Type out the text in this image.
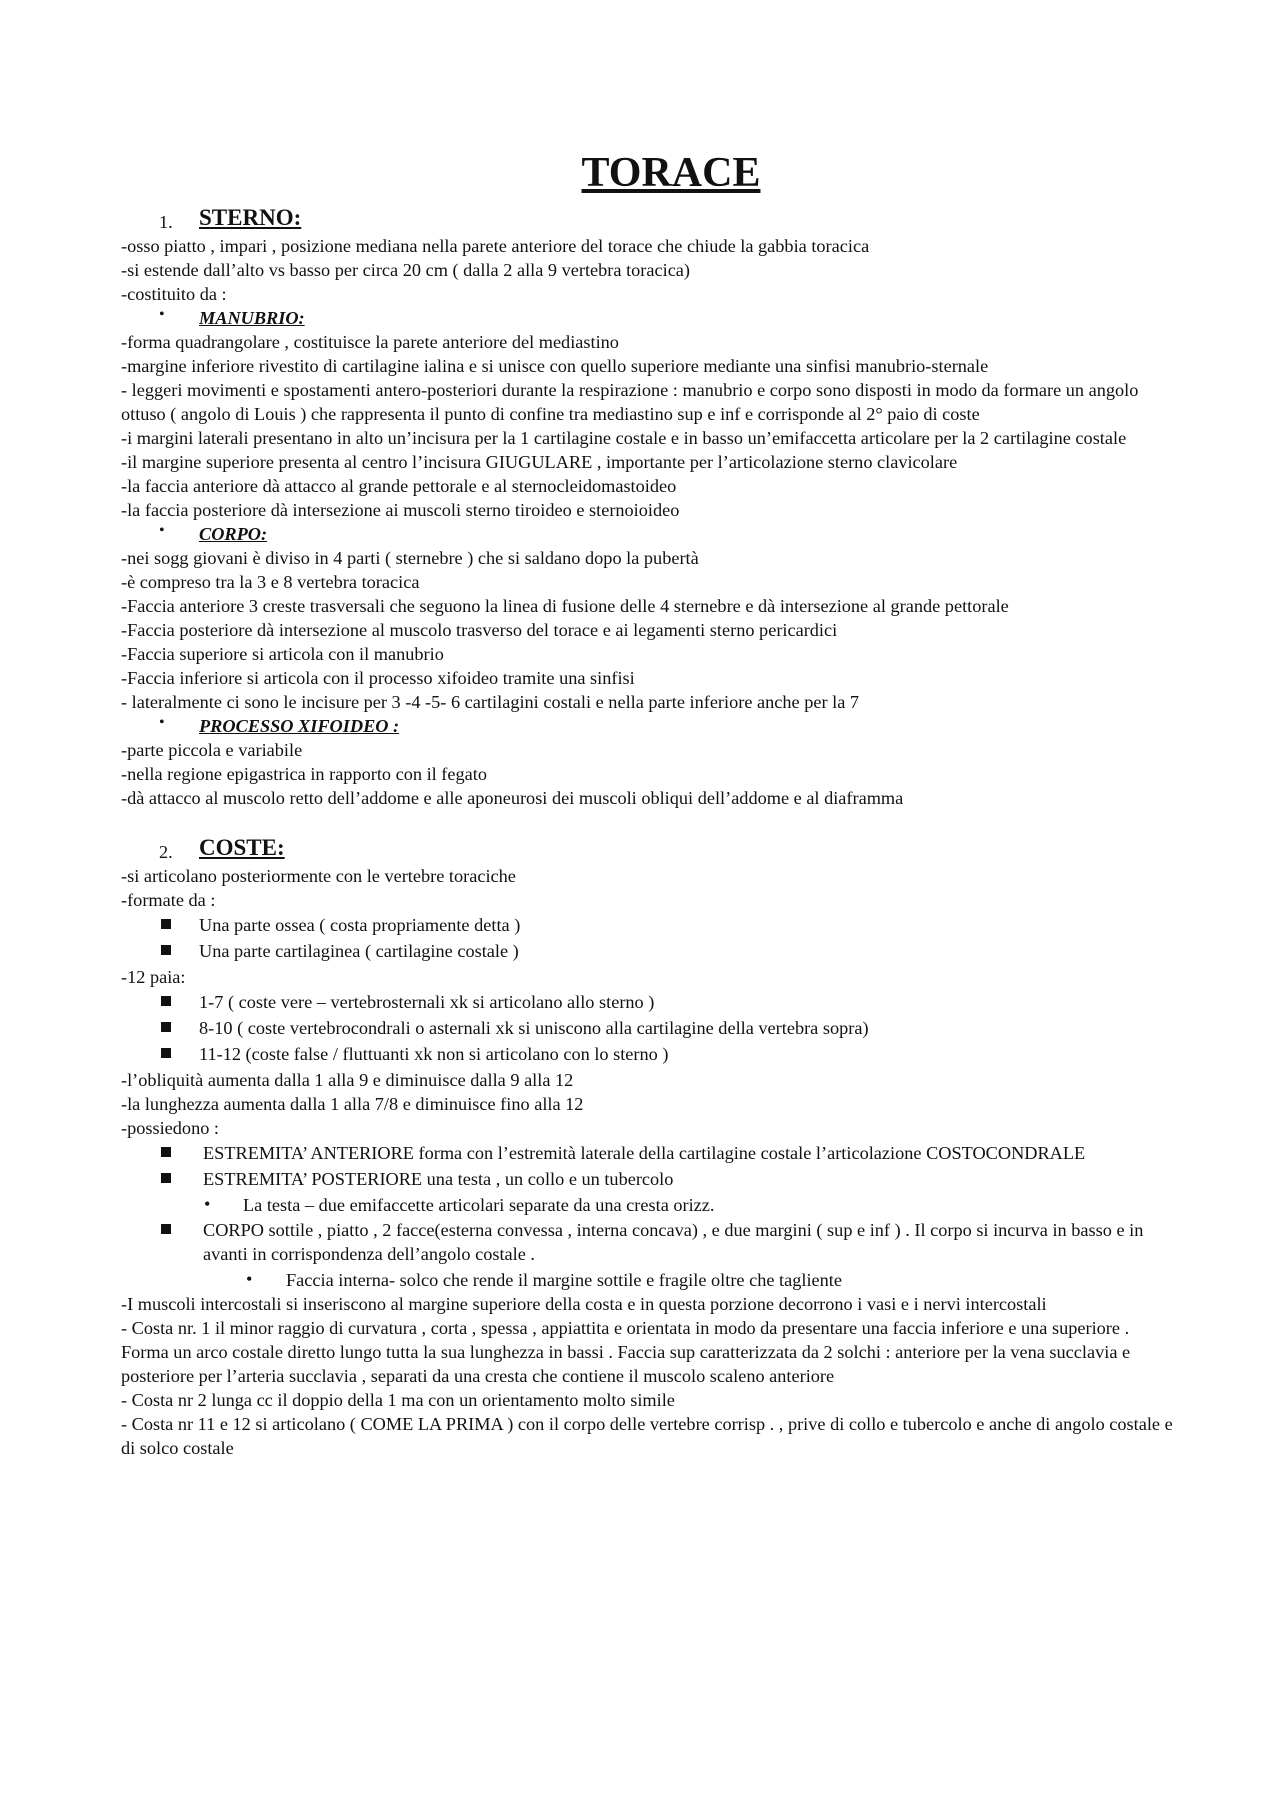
TORACE
1. STERNO:
-osso piatto , impari , posizione mediana nella parete anteriore del torace che chiude la gabbia toracica
-si estende dall’alto vs basso per circa 20 cm ( dalla 2 alla 9 vertebra toracica)
-costituito da :
• MANUBRIO:
-forma quadrangolare , costituisce la parete anteriore del mediastino
-margine inferiore rivestito di cartilagine ialina e si unisce con quello superiore mediante una sinfisi manubrio-sternale
- leggeri movimenti e spostamenti antero-posteriori durante la respirazione : manubrio e corpo sono disposti in modo da formare un angolo ottuso ( angolo di Louis ) che rappresenta il punto di confine tra mediastino sup e inf e corrisponde al 2° paio di coste
-i margini laterali presentano in alto un’incisura per la 1 cartilagine costale e in basso un’emifaccetta articolare per la 2 cartilagine costale
-il margine superiore presenta al centro l’incisura GIUGULARE , importante per l’articolazione sterno clavicolare
-la faccia anteriore dà attacco al grande pettorale e al sternocleidomastoideo
-la faccia posteriore dà intersezione ai muscoli sterno tiroideo e sternoioideo
• CORPO:
-nei sogg giovani è diviso in 4 parti ( sternebre ) che si saldano dopo la pubertà
-è compreso tra la 3 e 8 vertebra toracica
-Faccia anteriore 3 creste trasversali che seguono la linea di fusione delle 4 sternebre e dà intersezione al grande pettorale
-Faccia posteriore dà intersezione al muscolo trasverso del torace e ai legamenti sterno pericardici
-Faccia superiore si articola con il manubrio
-Faccia inferiore si articola con il processo xifoideo tramite una sinfisi
- lateralmente ci sono le incisure per 3 -4 -5- 6 cartilagini costali e nella parte inferiore anche per la 7
• PROCESSO XIFOIDEO :
-parte piccola e variabile
-nella regione epigastrica in rapporto con il fegato
-dà attacco al muscolo retto dell’addome e alle aponeurosi dei muscoli obliqui dell’addome e al diaframma
2. COSTE:
-si articolano posteriormente con le vertebre toraciche
-formate da :
Una parte ossea ( costa propriamente detta )
Una parte cartilaginea ( cartilagine costale )
-12 paia:
1-7 ( coste vere – vertebrosternali xk si articolano allo sterno )
8-10 ( coste vertebrocondrali o asternali xk si uniscono alla cartilagine della vertebra sopra)
11-12 (coste false / fluttuanti xk non si articolano con lo sterno )
-l’obliquità aumenta dalla 1 alla 9 e diminuisce dalla 9 alla 12
-la lunghezza aumenta dalla 1 alla 7/8 e diminuisce fino alla 12
-possiedono :
ESTREMITA’ ANTERIORE forma con l’estremità laterale della cartilagine costale l’articolazione COSTOCONDRALE
ESTREMITA’ POSTERIORE una testa , un collo e un tubercolo
• La testa – due emifaccette articolari separate da una cresta orizz.
CORPO sottile , piatto , 2 facce(esterna convessa , interna concava) , e due margini ( sup e inf ) . Il corpo si incurva in basso e in avanti in corrispondenza dell’angolo costale .
• Faccia interna- solco che rende il margine sottile e fragile oltre che tagliente
-I muscoli intercostali si inseriscono al margine superiore della costa e in questa porzione decorrono i vasi e i nervi intercostali
- Costa nr. 1 il minor raggio di curvatura , corta , spessa , appiattita e orientata in modo da presentare una faccia inferiore e una superiore . Forma un arco costale diretto lungo tutta la sua lunghezza in bassi . Faccia sup caratterizzata da 2 solchi : anteriore per la vena succlavia e posteriore per l’arteria succlavia , separati da una cresta che contiene il muscolo scaleno anteriore
- Costa nr 2 lunga cc il doppio della 1 ma con un orientamento molto simile
- Costa nr 11 e 12 si articolano ( COME LA PRIMA ) con il corpo delle vertebre corrisp . , prive di collo e tubercolo e anche di angolo costale e di solco costale
